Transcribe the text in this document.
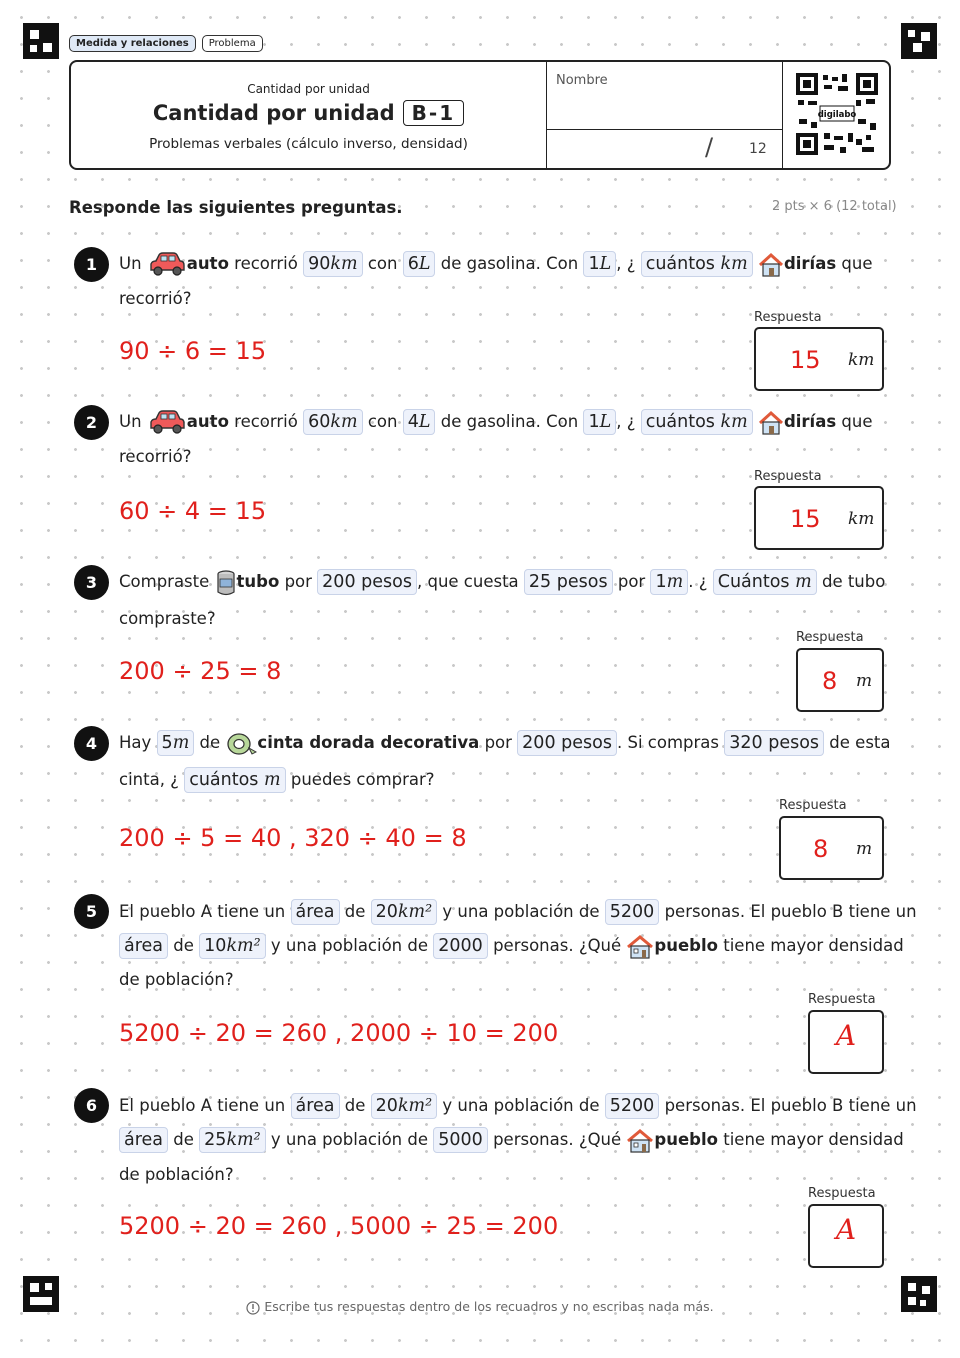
Medida y relaciones	Problema
Cantidad por unidad
Cantidad por unidad B-1
Problemas verbales (cálculo inverso, densidad)
Nombre
/	12
digilabo
Responde las siguientes preguntas.	2 pts × 6 (12 total)
1	Un	auto recorrió 90km con 6L de gasolina. Con 1L , ¿ cuántos km dirías que
recorrió?
90 ÷ 6 = 15
Respuesta
15 km
2	Un	auto recorrió 60km con 4L de gasolina. Con 1L , ¿ cuántos km dirías que
recorrió?
60 ÷ 4 = 15
Respuesta
15 km
3	Compraste tubo por 200 pesos , que cuesta 25 pesos por 1m . ¿ Cuántos m de tubo
compraste?
200 ÷ 25 = 8
Respuesta
8 m
4	Hay 5m de cinta dorada decorativa por 200 pesos . Si compras 320 pesos de esta
cinta, ¿ cuántos m puedes comprar?
200 ÷ 5 = 40 , 320 ÷ 40 = 8
Respuesta
8 m
5	El pueblo A tiene un área de 20km² y una población de 5200 personas. El pueblo B tiene un
área de 10km² y una población de 2000 personas. ¿Qué pueblo tiene mayor densidad
de población?
5200 ÷ 20 = 260 , 2000 ÷ 10 = 200
Respuesta
A
6	El pueblo A tiene un área de 20km² y una población de 5200 personas. El pueblo B tiene un
área de 25km² y una población de 5000 personas. ¿Qué pueblo tiene mayor densidad
de población?
5200 ÷ 20 = 260 , 5000 ÷ 25 = 200
Respuesta
A
Escribe tus respuestas dentro de los recuadros y no escribas nada más.
